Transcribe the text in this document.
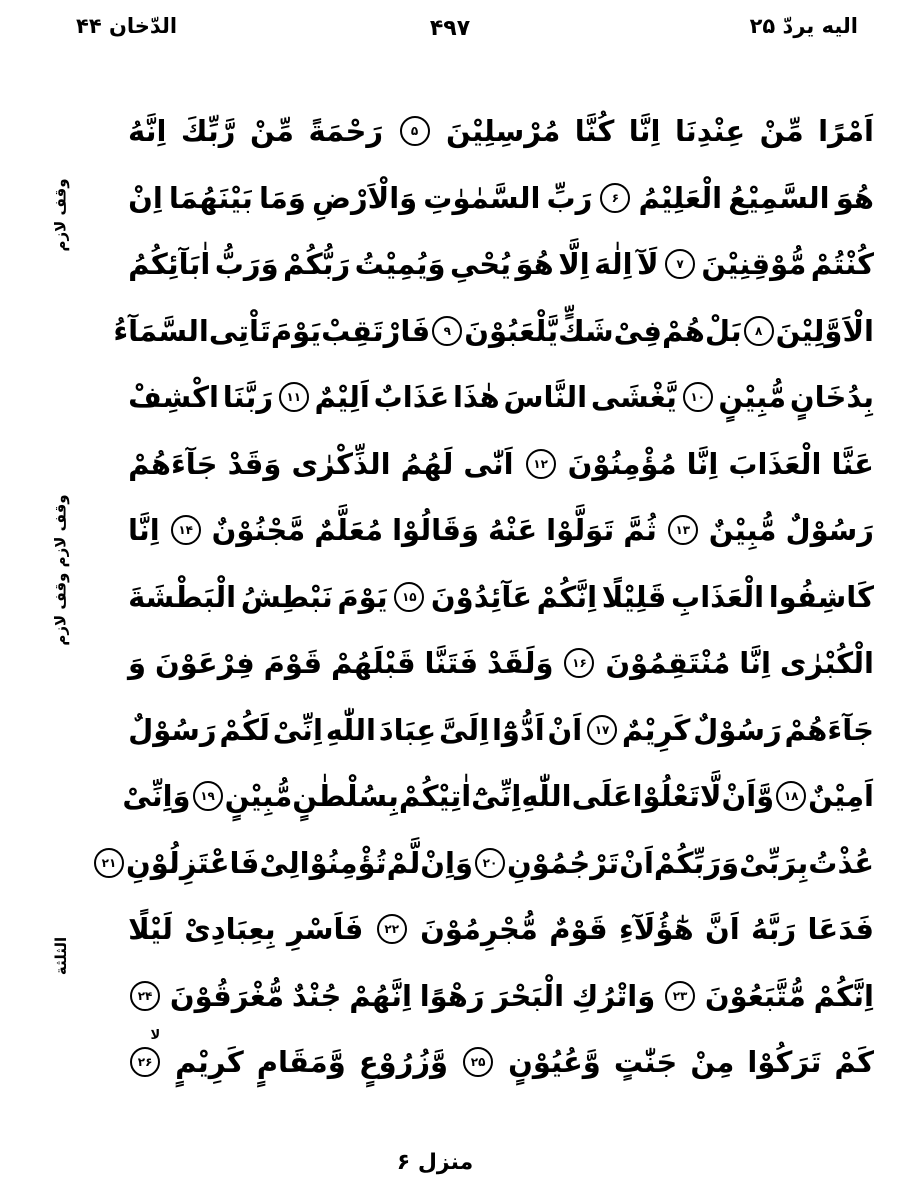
اليه يردّ ۲۵
۴۹۷
الدّخان ۴۴
اَمْرًا
مِّنْ
عِنْدِنَا
اِنَّا
كُنَّا
مُرْسِلِيْنَ
۵
رَحْمَةً
مِّنْ
رَّبِّكَ
اِنَّهُ
هُوَ
السَّمِيْعُ
الْعَلِيْمُ
۶
رَبِّ
السَّمٰوٰتِ
وَالْاَرْضِ
وَمَا
بَيْنَهُمَا
اِنْ
كُنْتُمْ
مُّوْقِنِيْنَ
۷
لَآ
اِلٰهَ
اِلَّا
هُوَ
يُحْىِ
وَيُمِيْتُ
رَبُّكُمْ
وَرَبُّ
اٰبَآئِكُمُ
الْاَوَّلِيْنَ
۸
بَلْ
هُمْ
فِىْ
شَكٍّ
يَّلْعَبُوْنَ
۹
فَارْتَقِبْ
يَوْمَ
تَاْتِى
السَّمَآءُ
بِدُخَانٍ
مُّبِيْنٍ
۱۰
يَّغْشَى
النَّاسَ
هٰذَا
عَذَابٌ
اَلِيْمٌ
۱۱
رَبَّنَا
اكْشِفْ
عَنَّا
الْعَذَابَ
اِنَّا
مُؤْمِنُوْنَ
۱۲
اَنّٰى
لَهُمُ
الذِّكْرٰى
وَقَدْ
جَآءَهُمْ
رَسُوْلٌ
مُّبِيْنٌ
۱۳
ثُمَّ
تَوَلَّوْا
عَنْهُ
وَقَالُوْا
مُعَلَّمٌ
مَّجْنُوْنٌ
۱۴
اِنَّا
كَاشِفُوا
الْعَذَابِ
قَلِيْلًا
اِنَّكُمْ
عَآئِدُوْنَ
۱۵
يَوْمَ
نَبْطِشُ
الْبَطْشَةَ
الْكُبْرٰى
اِنَّا
مُنْتَقِمُوْنَ
۱۶
وَلَقَدْ
فَتَنَّا
قَبْلَهُمْ
قَوْمَ
فِرْعَوْنَ
وَ
جَآءَهُمْ
رَسُوْلٌ
كَرِيْمٌ
۱۷
اَنْ
اَدُّوْٓا
اِلَىَّ
عِبَادَ
اللّٰهِ
اِنِّىْ
لَكُمْ
رَسُوْلٌ
اَمِيْنٌ
۱۸
وَّاَنْ
لَّا
تَعْلُوْا
عَلَى
اللّٰهِ
اِنِّىْٓ
اٰتِيْكُمْ
بِسُلْطٰنٍ
مُّبِيْنٍ
۱۹
وَاِنِّىْ
عُذْتُ
بِرَبِّىْ
وَرَبِّكُمْ
اَنْ
تَرْجُمُوْنِ
۲۰
وَاِنْ
لَّمْ
تُؤْمِنُوْا
لِىْ
فَاعْتَزِلُوْنِ
۲۱
فَدَعَا
رَبَّهُ
اَنَّ
هٰٓؤُلَآءِ
قَوْمٌ
مُّجْرِمُوْنَ
۲۲
فَاَسْرِ
بِعِبَادِىْ
لَيْلًا
اِنَّكُمْ
مُّتَّبَعُوْنَ
۲۳
وَاتْرُكِ
الْبَحْرَ
رَهْوًا
اِنَّهُمْ
جُنْدٌ
مُّغْرَقُوْنَ
۲۴
كَمْ
تَرَكُوْا
مِنْ
جَنّٰتٍ
وَّعُيُوْنٍ
۲۵
وَّزُرُوْعٍ
وَّمَقَامٍ
كَرِيْمٍ
۲۶
لا
وقف لازم
وقف لازم وقف لازم
الثلثة
منزل ۶
